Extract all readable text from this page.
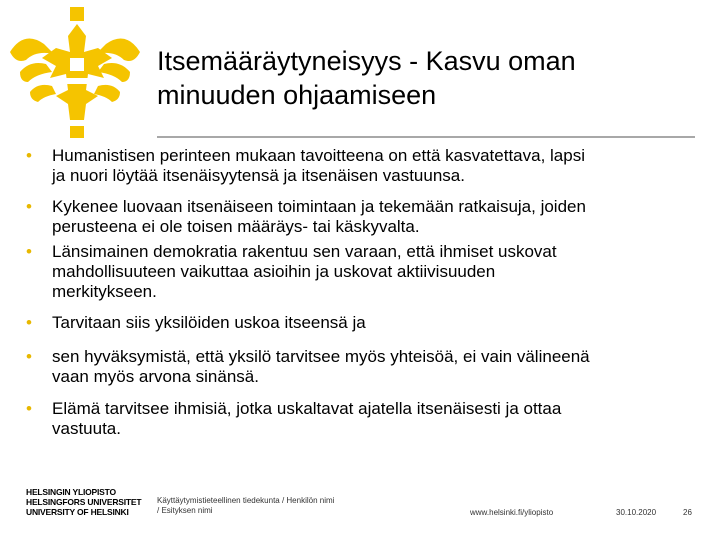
Itsemääräytyneisyys - Kasvu oman
minuuden ohjaamiseen
• Humanistisen perinteen mukaan tavoitteena on että kasvatettava, lapsi
ja nuori löytää itsenäisyytensä ja itsenäisen vastuunsa.
• Kykenee luovaan itsenäiseen toimintaan ja tekemään ratkaisuja, joiden
perusteena ei ole toisen määräys- tai käskyvalta.
• Länsimainen demokratia rakentuu sen varaan, että ihmiset uskovat
mahdollisuuteen vaikuttaa asioihin ja uskovat aktiivisuuden
merkitykseen.
• Tarvitaan siis yksilöiden uskoa itseensä ja
• sen hyväksymistä, että yksilö tarvitsee myös yhteisöä, ei vain välineenä
vaan myös arvona sinänsä.
• Elämä tarvitsee ihmisiä, jotka uskaltavat ajatella itsenäisesti ja ottaa
vastuuta.
HELSINGIN YLIOPISTO
HELSINGFORS UNIVERSITET
UNIVERSITY OF HELSINKI
Käyttäytymistieteellinen tiedekunta / Henkilön nimi
/ Esityksen nimi	www.helsinki.fi/yliopisto	30.10.2020	26
